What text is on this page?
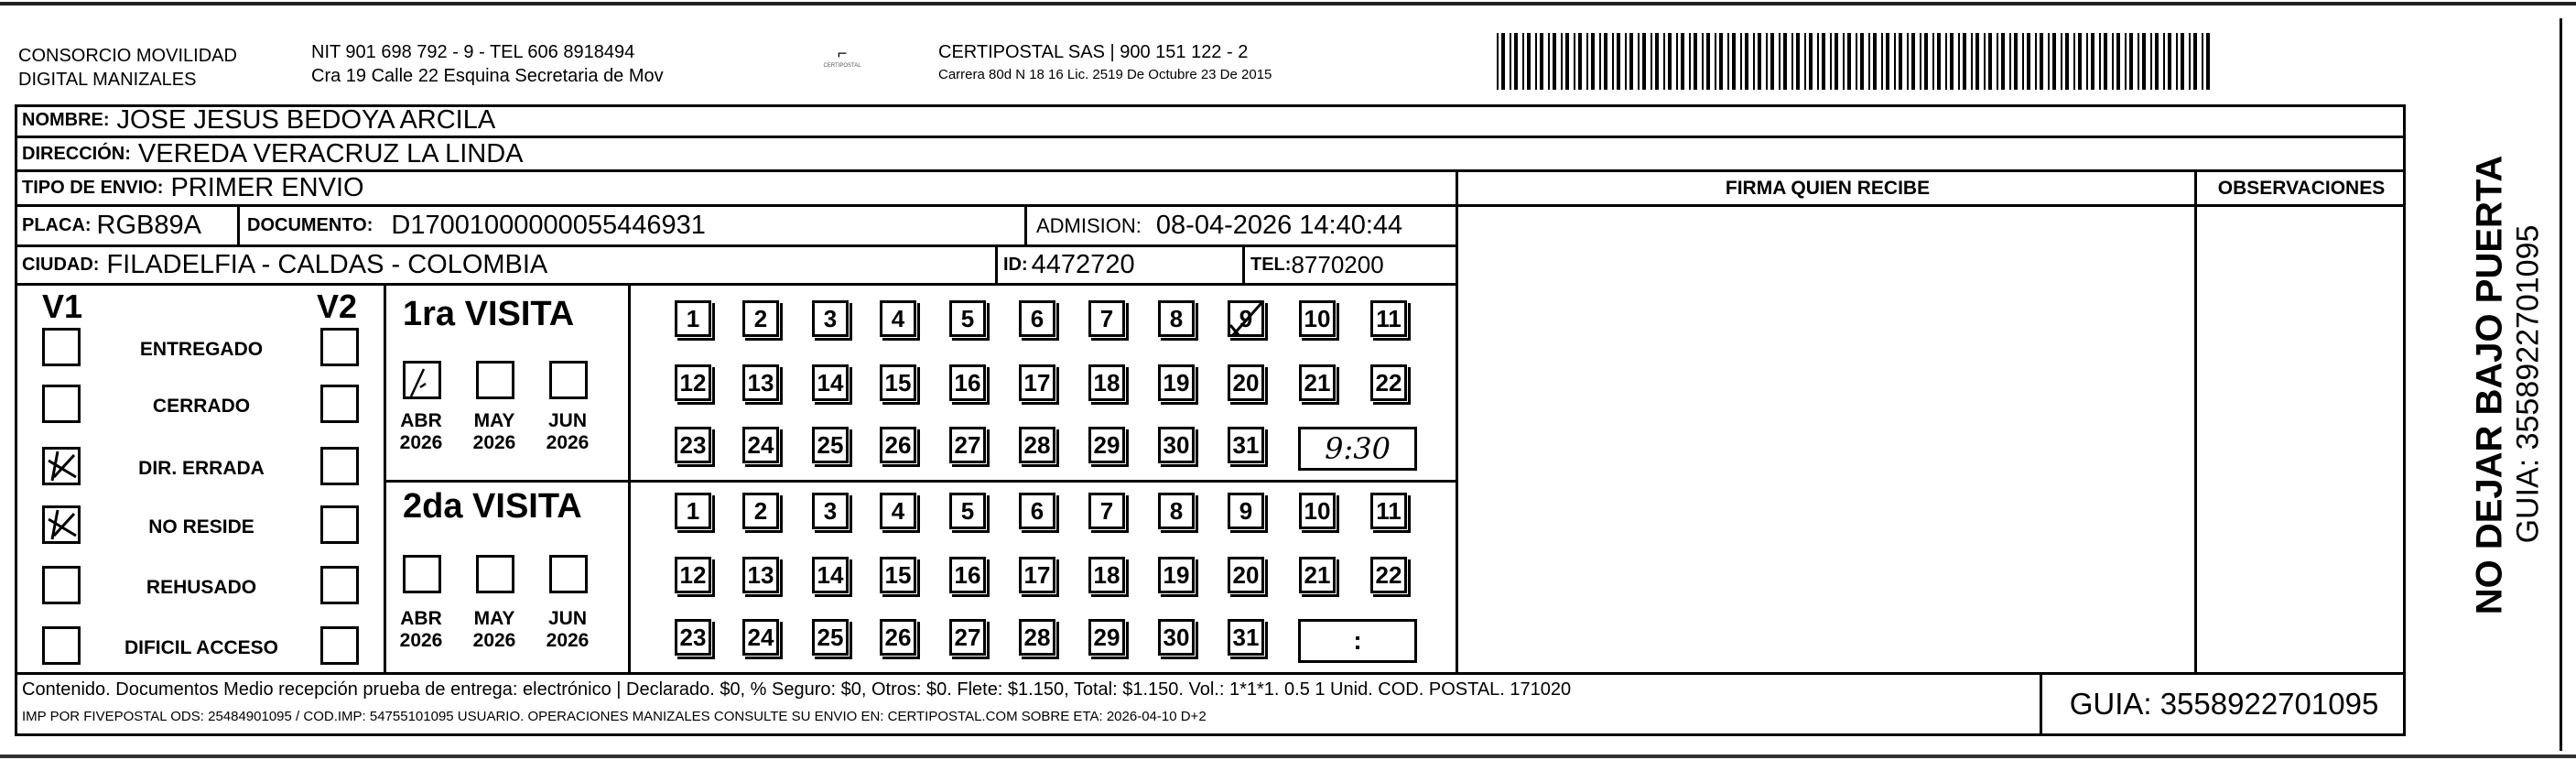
CONSORCIO MOVILIDAD
DIGITAL MANIZALES
NIT 901 698 792 - 9 - TEL 606 8918494
Cra 19 Calle 22 Esquina Secretaria de Mov
⌐
CERTIPOSTAL
CERTIPOSTAL SAS | 900 151 122 - 2
Carrera 80d N 18 16 Lic. 2519 De Octubre 23 De 2015
NOMBRE: JOSE JESUS BEDOYA ARCILA
DIRECCIÓN: VEREDA VERACRUZ LA LINDA
TIPO DE ENVIO: PRIMER ENVIO
PLACA: RGB89A	DOCUMENTO: D17001000000055446931	ADMISION: 08-04-2026 14:40:44
CIUDAD: FILADELFIA - CALDAS - COLOMBIA	ID: 4472720	TEL: 8770200
FIRMA QUIEN RECIBE	OBSERVACIONES
V1	V2
ENTREGADO
CERRADO
DIR. ERRADA
NO RESIDE
REHUSADO
DIFICIL ACCESO
1ra VISITA
2da VISITA
ABR
2026
MAY
2026
JUN
2026
ABR
2026
MAY
2026
JUN
2026
1 2 3 4 5 6 7 8 9 10 11
12 13 14 15 16 17 18 19 20 21 22
23 24 25 26 27 28 29 30 31
1 2 3 4 5 6 7 8 9 10 11
12 13 14 15 16 17 18 19 20 21 22
23 24 25 26 27 28 29 30 31
9:30
:
Contenido. Documentos Medio recepción prueba de entrega: electrónico | Declarado. $0, % Seguro: $0, Otros: $0. Flete: $1.150, Total: $1.150. Vol.: 1*1*1. 0.5 1 Unid. COD. POSTAL. 171020
IMP POR FIVEPOSTAL ODS: 25484901095 / COD.IMP: 54755101095 USUARIO. OPERACIONES MANIZALES CONSULTE SU ENVIO EN: CERTIPOSTAL.COM SOBRE ETA: 2026-04-10 D+2	GUIA: 3558922701095
NO DEJAR BAJO PUERTA GUIA: 3558922701095
